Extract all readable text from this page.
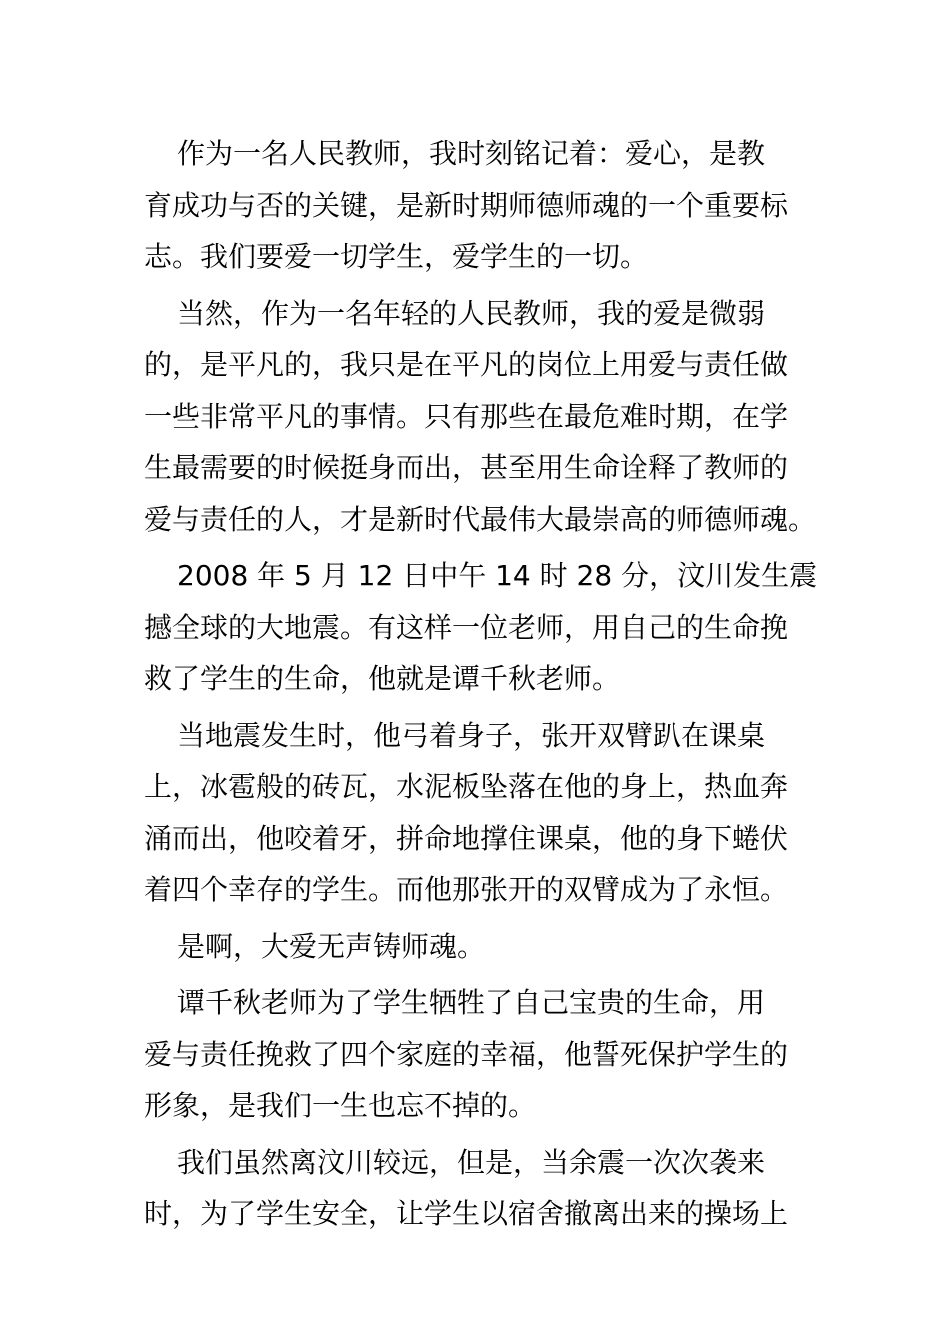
作为一名人民教师，我时刻铭记着：爱心，是教
育成功与否的关键，是新时期师德师魂的一个重要标
志。我们要爱一切学生，爱学生的一切。

当然，作为一名年轻的人民教师，我的爱是微弱
的，是平凡的，我只是在平凡的岗位上用爱与责任做
一些非常平凡的事情。只有那些在最危难时期，在学
生最需要的时候挺身而出，甚至用生命诠释了教师的
爱与责任的人，才是新时代最伟大最崇高的师德师魂。

2008 年 5 月 12 日中午 14 时 28 分，汶川发生震
撼全球的大地震。有这样一位老师，用自己的生命挽
救了学生的生命，他就是谭千秋老师。

当地震发生时，他弓着身子，张开双臂趴在课桌
上，冰雹般的砖瓦，水泥板坠落在他的身上，热血奔
涌而出，他咬着牙，拼命地撑住课桌，他的身下蜷伏
着四个幸存的学生。而他那张开的双臂成为了永恒。

是啊，大爱无声铸师魂。

谭千秋老师为了学生牺牲了自己宝贵的生命，用
爱与责任挽救了四个家庭的幸福，他誓死保护学生的
形象，是我们一生也忘不掉的。

我们虽然离汶川较远，但是，当余震一次次袭来
时，为了学生安全，让学生以宿舍撤离出来的操场上
